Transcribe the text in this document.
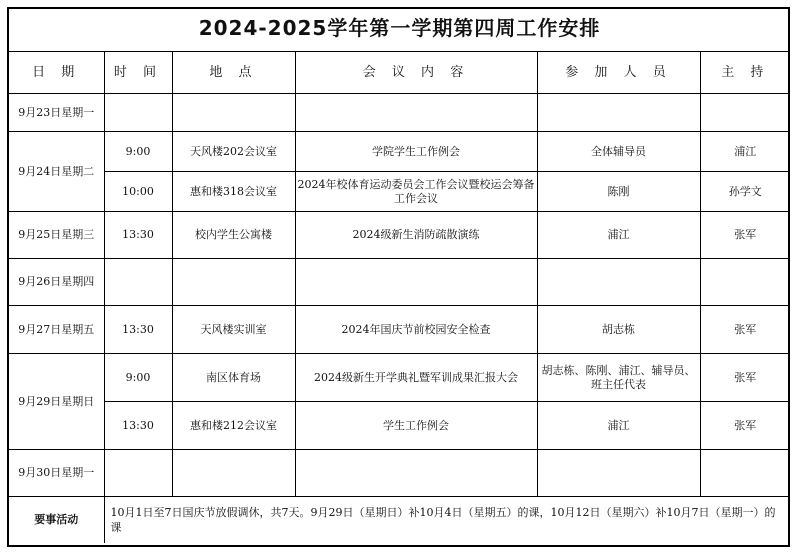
2024-2025学年第一学期第四周工作安排					
日 期	时 间	地 点	会 议 内 容	参 加 人 员	主 持
9月23日星期一					
9月24日星期二	9:00	天风楼202会议室	学院学生工作例会	全体辅导员	浦江
	10:00	惠和楼318会议室	2024年校体育运动委员会工作会议暨校运会筹备工作会议	陈刚	孙学文
9月25日星期三	13:30	校内学生公寓楼	2024级新生消防疏散演练	浦江	张军
9月26日星期四					
9月27日星期五	13:30	天风楼实训室	2024年国庆节前校园安全检查	胡志栋	张军
9月29日星期日	9:00	南区体育场	2024级新生开学典礼暨军训成果汇报大会	胡志栋、陈刚、浦江、辅导员、班主任代表	张军
	13:30	惠和楼212会议室	学生工作例会	浦江	张军
9月30日星期一					
要事活动	10月1日至7日国庆节放假调休，共7天。9月29日（星期日）补10月4日（星期五）的课，10月12日（星期六）补10月7日（星期一）的课				
